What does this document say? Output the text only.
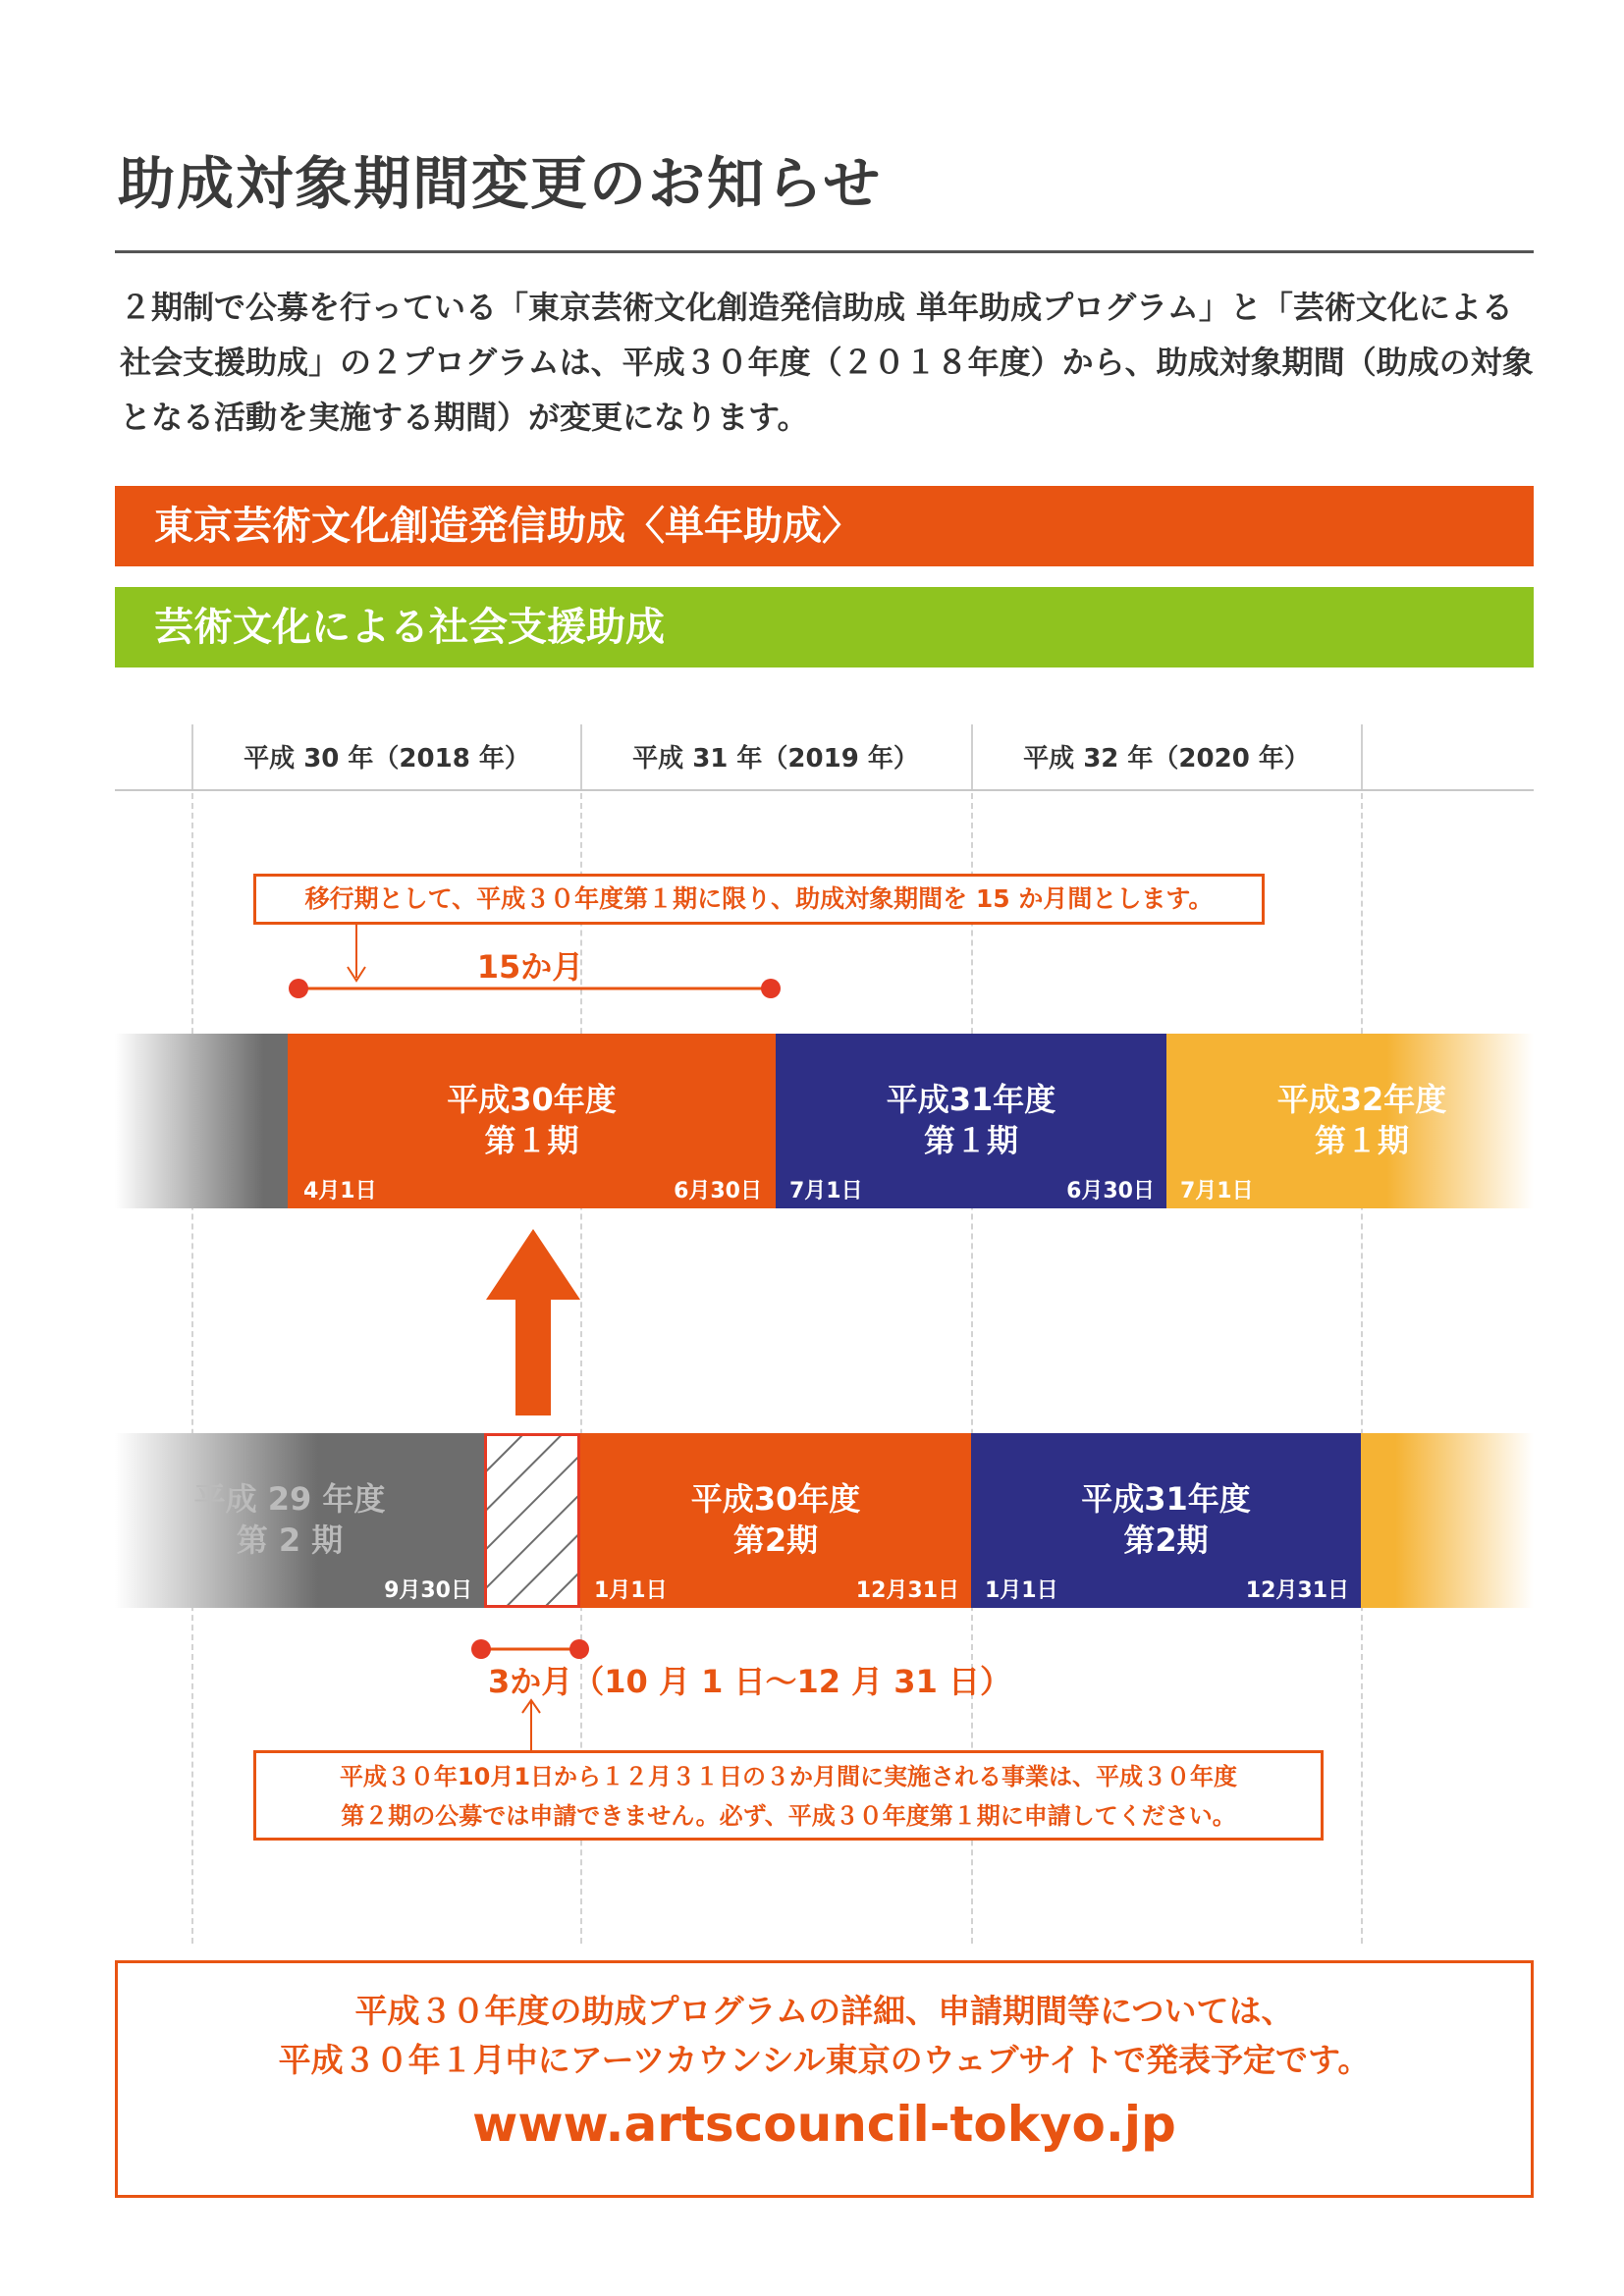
助成対象期間変更のお知らせ
２期制で公募を行っている「東京芸術文化創造発信助成 単年助成プログラム」と「芸術文化による社会支援助成」の２プログラムは、平成３０年度（２０１８年度）から、助成対象期間（助成の対象となる活動を実施する期間）が変更になります。
東京芸術文化創造発信助成〈単年助成〉
芸術文化による社会支援助成
平成 30 年（2018 年）	平成 31 年（2019 年）	平成 32 年（2020 年）
移行期として、平成３０年度第１期に限り、助成対象期間を 15 か月間とします。
15か月
平成30年度
第１期
4月1日	6月30日
平成31年度
第１期
7月1日	6月30日
平成32年度
第１期
7月1日
平成 29 年度
第 2 期
9月30日
平成30年度
第2期
1月1日	12月31日
平成31年度
第2期
1月1日	12月31日
3か月（10 月 1 日〜12 月 31 日）
平成３０年10月1日から１２月３１日の３か月間に実施される事業は、平成３０年度
第２期の公募では申請できません。必ず、平成３０年度第１期に申請してください。
平成３０年度の助成プログラムの詳細、申請期間等については、
平成３０年１月中にアーツカウンシル東京のウェブサイトで発表予定です。
www.artscouncil-tokyo.jp
